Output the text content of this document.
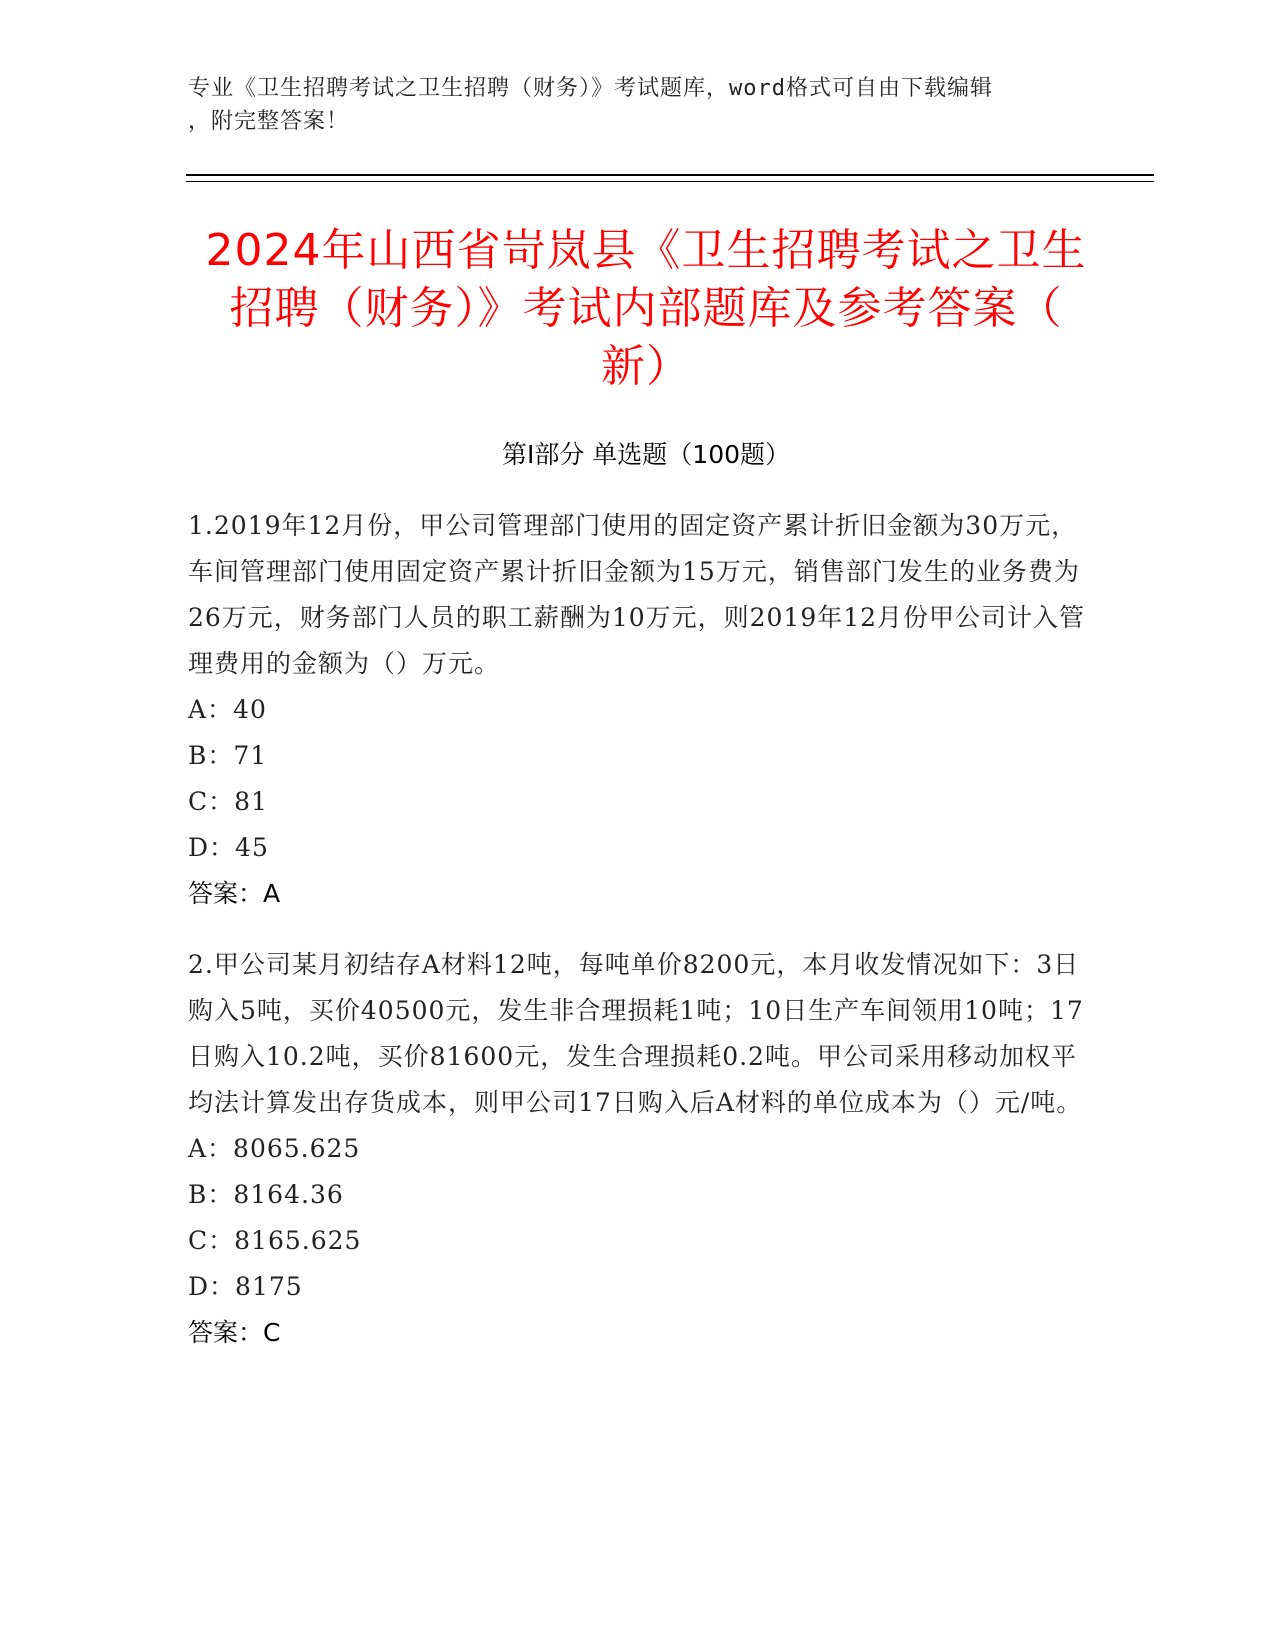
专业《卫生招聘考试之卫生招聘（财务）》考试题库，word格式可自由下载编辑
，附完整答案！
2024年山西省岢岚县《卫生招聘考试之卫生
招聘（财务）》考试内部题库及参考答案（
新）
第Ⅰ部分 单选题（100题）

1.2019年12月份，甲公司管理部门使用的固定资产累计折旧金额为30万元，车间管理部门使用固定资产累计折旧金额为15万元，销售部门发生的业务费为26万元，财务部门人员的职工薪酬为10万元，则2019年12月份甲公司计入管理费用的金额为（）万元。

A：40

B：71

C：81

D：45

答案：A

2.甲公司某月初结存A材料12吨，每吨单价8200元，本月收发情况如下：3日购入5吨，买价40500元，发生非合理损耗1吨；10日生产车间领用10吨；17日购入10.2吨，买价81600元，发生合理损耗0.2吨。甲公司采用移动加权平均法计算发出存货成本，则甲公司17日购入后A材料的单位成本为（）元/吨。

A：8065.625

B：8164.36

C：8165.625

D：8175

答案：C
